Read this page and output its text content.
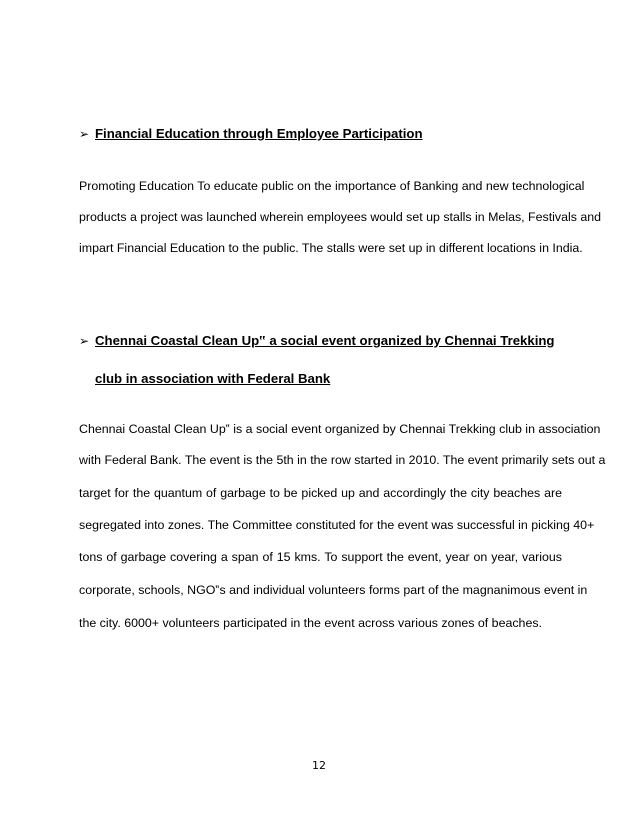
➢ Financial Education through Employee Participation

Promoting Education To educate public on the importance of Banking and new technological

products a project was launched wherein employees would set up stalls in Melas, Festivals and

impart Financial Education to the public. The stalls were set up in different locations in India.

➢ Chennai Coastal Clean Up‟ a social event organized by Chennai Trekking
club in association with Federal Bank

Chennai Coastal Clean Up‟ is a social event organized by Chennai Trekking club in association

with Federal Bank. The event is the 5th in the row started in 2010. The event primarily sets out a

target for the quantum of garbage to be picked up and accordingly the city beaches are

segregated into zones. The Committee constituted for the event was successful in picking 40+

tons of garbage covering a span of 15 kms. To support the event, year on year, various

corporate, schools, NGO‟s and individual volunteers forms part of the magnanimous event in

the city. 6000+ volunteers participated in the event across various zones of beaches.

12
